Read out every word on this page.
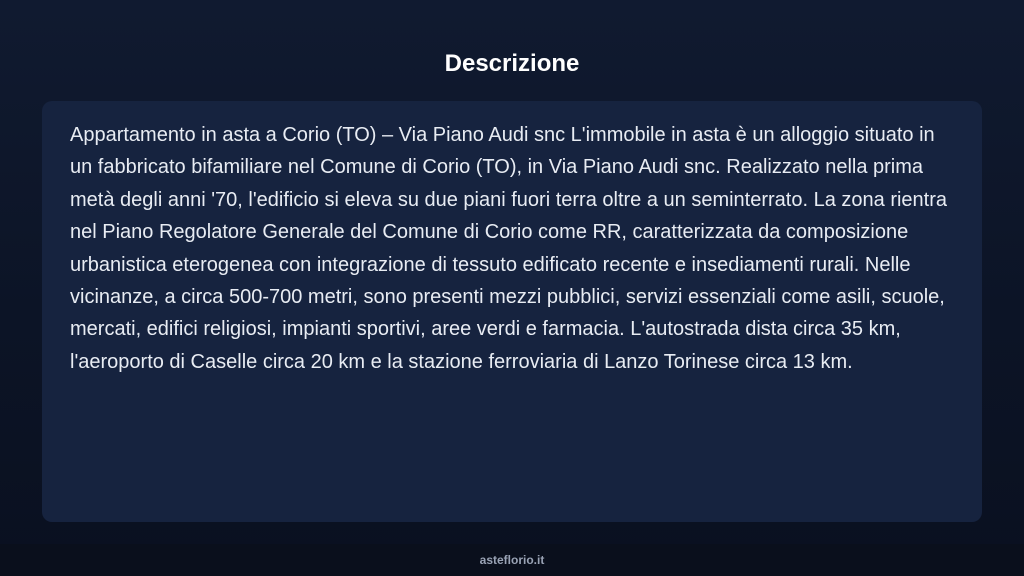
Descrizione

Appartamento in asta a Corio (TO) – Via Piano Audi snc L'immobile in asta è un alloggio situato in un fabbricato bifamiliare nel Comune di Corio (TO), in Via Piano Audi snc. Realizzato nella prima metà degli anni '70, l'edificio si eleva su due piani fuori terra oltre a un seminterrato. La zona rientra nel Piano Regolatore Generale del Comune di Corio come RR, caratterizzata da composizione urbanistica eterogenea con integrazione di tessuto edificato recente e insediamenti rurali. Nelle vicinanze, a circa 500-700 metri, sono presenti mezzi pubblici, servizi essenziali come asili, scuole, mercati, edifici religiosi, impianti sportivi, aree verdi e farmacia. L'autostrada dista circa 35 km, l'aeroporto di Caselle circa 20 km e la stazione ferroviaria di Lanzo Torinese circa 13 km.

asteflorio.it
